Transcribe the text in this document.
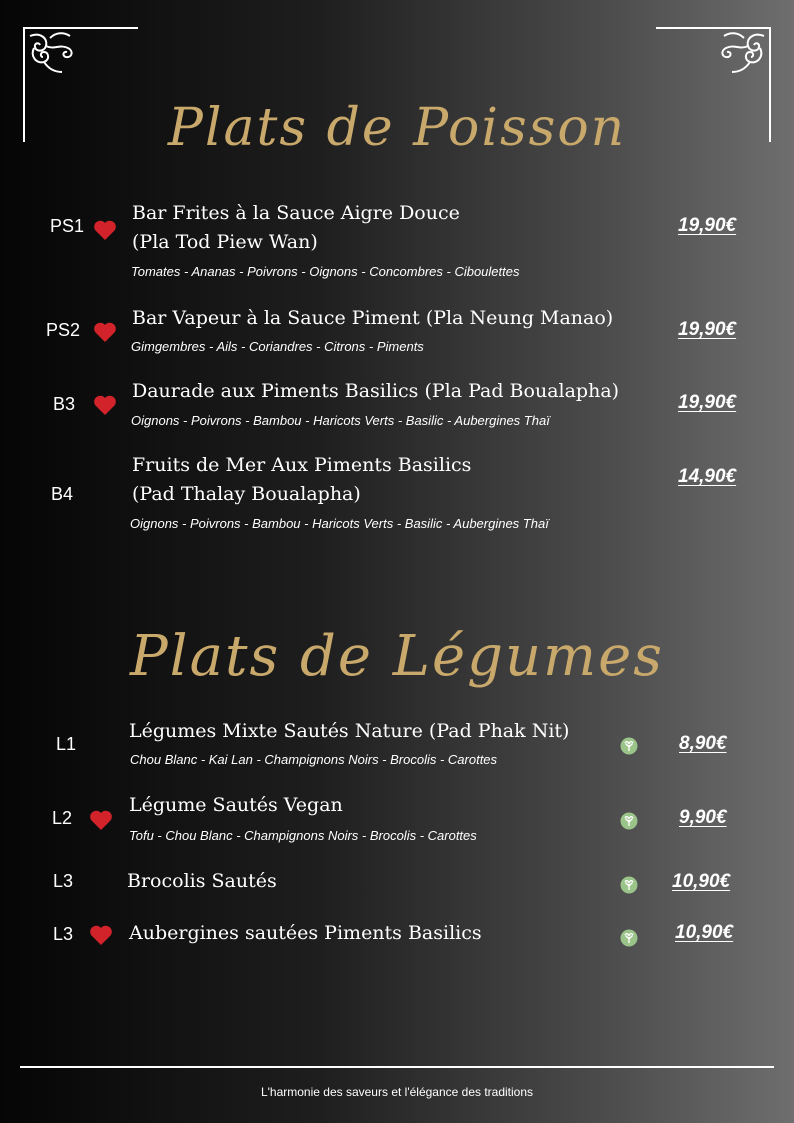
Plats de Poisson
PS1

Bar Frites à la Sauce Aigre Douce

(Pla Tod Piew Wan)

Tomates - Ananas - Poivrons - Oignons - Concombres - Ciboulettes
19,90€
PS2

Bar Vapeur à la Sauce Piment (Pla Neung Manao)

Gimgembres - Ails - Coriandres - Citrons - Piments
19,90€
B3

Daurade aux Piments Basilics (Pla Pad Boualapha)

Oignons - Poivrons - Bambou - Haricots Verts - Basilic - Aubergines Thaï
19,90€
B4

Fruits de Mer Aux Piments Basilics

(Pad Thalay Boualapha)

Oignons - Poivrons - Bambou - Haricots Verts - Basilic - Aubergines Thaï
14,90€
Plats de Légumes
L1

Légumes Mixte Sautés Nature (Pad Phak Nit)

Chou Blanc - Kai Lan - Champignons Noirs - Brocolis - Carottes
8,90€
L2

Légume Sautés Vegan

Tofu - Chou Blanc - Champignons Noirs - Brocolis - Carottes
9,90€
L3	Brocolis Sautés	10,90€
L3	Aubergines sautées Piments Basilics	10,90€
L'harmonie des saveurs et l'élégance des traditions
